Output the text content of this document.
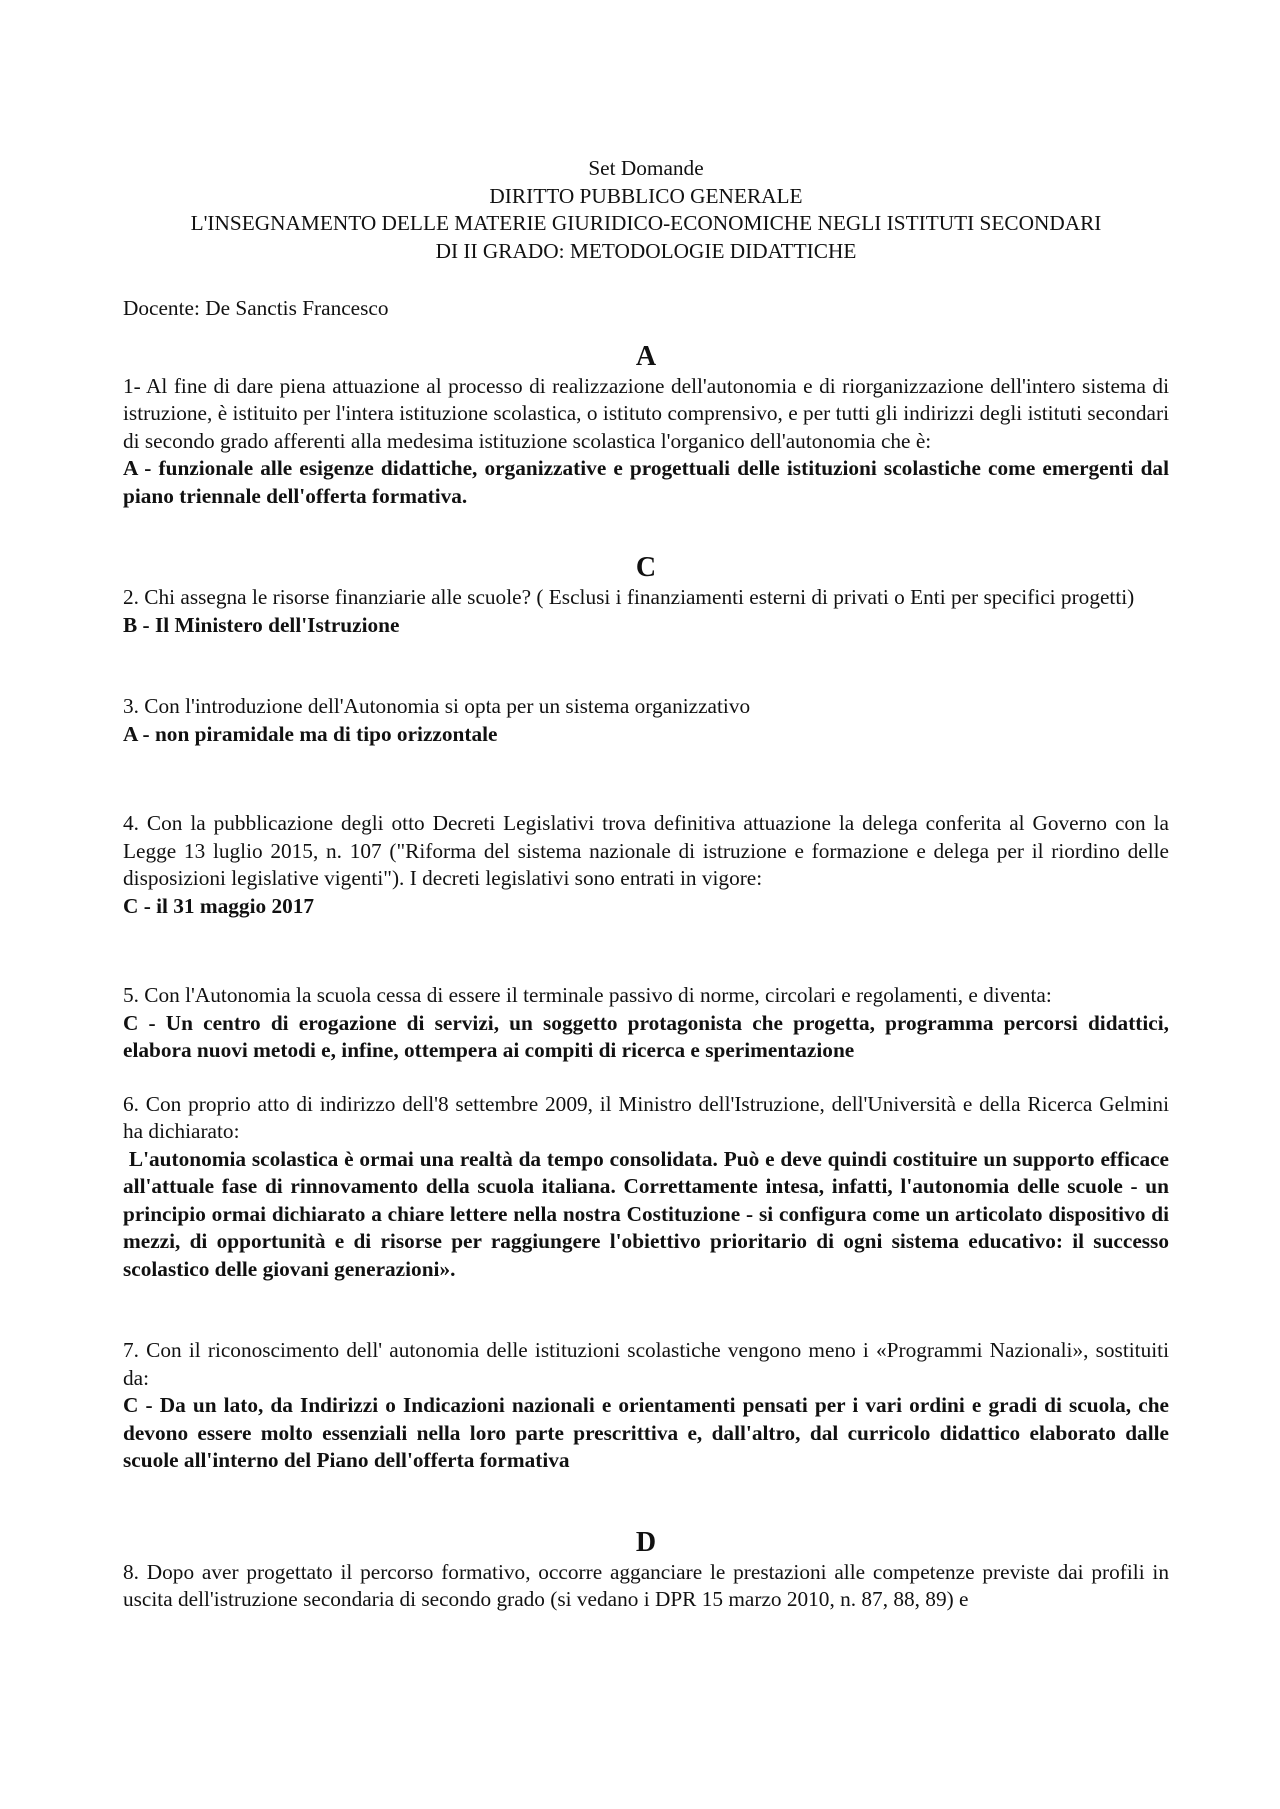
Set Domande
DIRITTO PUBBLICO GENERALE
L'INSEGNAMENTO DELLE MATERIE GIURIDICO-ECONOMICHE NEGLI ISTITUTI SECONDARI
DI II GRADO: METODOLOGIE DIDATTICHE
Docente: De Sanctis Francesco
A
1- Al fine di dare piena attuazione al processo di realizzazione dell'autonomia e di riorganizzazione dell'intero sistema di istruzione, è istituito per l'intera istituzione scolastica, o istituto comprensivo, e per tutti gli indirizzi degli istituti secondari di secondo grado afferenti alla medesima istituzione scolastica l'organico dell'autonomia che è:
A - funzionale alle esigenze didattiche, organizzative e progettuali delle istituzioni scolastiche come emergenti dal piano triennale dell'offerta formativa.
C
2. Chi assegna le risorse finanziarie alle scuole? ( Esclusi i finanziamenti esterni di privati o Enti per specifici progetti)
B - Il Ministero dell'Istruzione
3. Con l'introduzione dell'Autonomia si opta per un sistema organizzativo
A - non piramidale ma di tipo orizzontale
4. Con la pubblicazione degli otto Decreti Legislativi trova definitiva attuazione la delega conferita al Governo con la Legge 13 luglio 2015, n. 107 ("Riforma del sistema nazionale di istruzione e formazione e delega per il riordino delle disposizioni legislative vigenti"). I decreti legislativi sono entrati in vigore:
C - il 31 maggio 2017
5. Con l'Autonomia la scuola cessa di essere il terminale passivo di norme, circolari e regolamenti, e diventa:
C - Un centro di erogazione di servizi, un soggetto protagonista che progetta, programma percorsi didattici, elabora nuovi metodi e, infine, ottempera ai compiti di ricerca e sperimentazione
6. Con proprio atto di indirizzo dell'8 settembre 2009, il Ministro dell'Istruzione, dell'Università e della Ricerca Gelmini ha dichiarato:
L'autonomia scolastica è ormai una realtà da tempo consolidata. Può e deve quindi costituire un supporto efficace all'attuale fase di rinnovamento della scuola italiana. Correttamente intesa, infatti, l'autonomia delle scuole - un principio ormai dichiarato a chiare lettere nella nostra Costituzione - si configura come un articolato dispositivo di mezzi, di opportunità e di risorse per raggiungere l'obiettivo prioritario di ogni sistema educativo: il successo scolastico delle giovani generazioni».
7. Con il riconoscimento dell' autonomia delle istituzioni scolastiche vengono meno i «Programmi Nazionali», sostituiti da:
C - Da un lato, da Indirizzi o Indicazioni nazionali e orientamenti pensati per i vari ordini e gradi di scuola, che devono essere molto essenziali nella loro parte prescrittiva e, dall'altro, dal curricolo didattico elaborato dalle scuole all'interno del Piano dell'offerta formativa
D
8. Dopo aver progettato il percorso formativo, occorre agganciare le prestazioni alle competenze previste dai profili in uscita dell'istruzione secondaria di secondo grado (si vedano i DPR 15 marzo 2010, n. 87, 88, 89) e
